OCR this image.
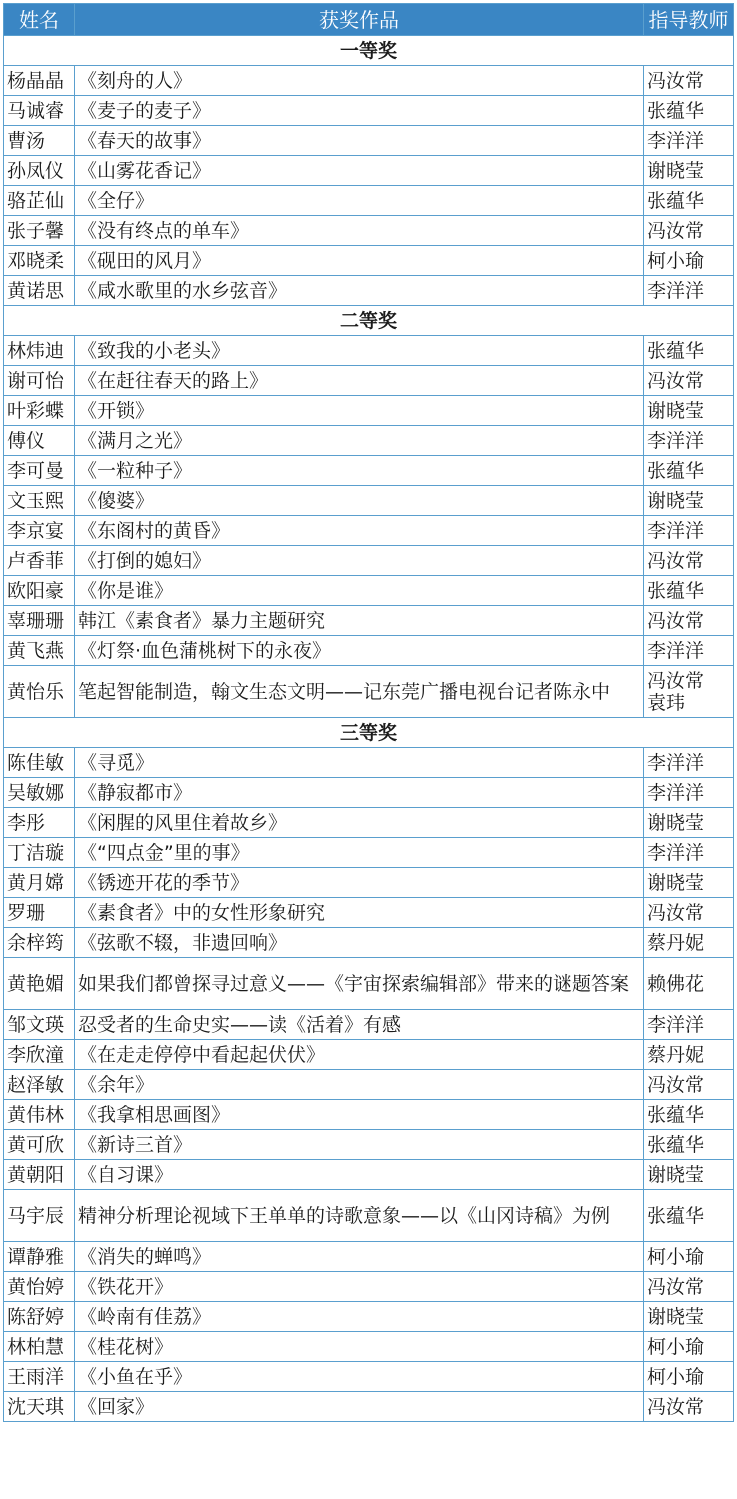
姓名	获奖作品	指导教师
一等奖		
杨晶晶	《刻舟的人》	冯汝常
马诚睿	《麦子的麦子》	张蕴华
曹汤	《春天的故事》	李洋洋
孙凤仪	《山雾花香记》	谢晓莹
骆芷仙	《全仔》	张蕴华
张子馨	《没有终点的单车》	冯汝常
邓晓柔	《砚田的风月》	柯小瑜
黄诺思	《咸水歌里的水乡弦音》	李洋洋
二等奖		
林炜迪	《致我的小老头》	张蕴华
谢可怡	《在赶往春天的路上》	冯汝常
叶彩蝶	《开锁》	谢晓莹
傅仪	《满月之光》	李洋洋
李可曼	《一粒种子》	张蕴华
文玉熙	《傻婆》	谢晓莹
李京宴	《东阁村的黄昏》	李洋洋
卢香菲	《打倒的媳妇》	冯汝常
欧阳豪	《你是谁》	张蕴华
辜珊珊	韩江《素食者》暴力主题研究	冯汝常
黄飞燕	《灯祭·血色蒲桃树下的永夜》	李洋洋
黄怡乐	笔起智能制造，翰文生态文明——记东莞广播电视台记者陈永中	冯汝常
袁玮
三等奖		
陈佳敏	《寻觅》	李洋洋
吴敏娜	《静寂都市》	李洋洋
李彤	《闲腥的风里住着故乡》	谢晓莹
丁洁璇	《“四点金”里的事》	李洋洋
黄月嫦	《锈迹开花的季节》	谢晓莹
罗珊	《素食者》中的女性形象研究	冯汝常
余梓筠	《弦歌不辍，非遗回响》	蔡丹妮
黄艳媚	如果我们都曾探寻过意义——《宇宙探索编辑部》带来的谜题答案	赖佛花
邹文瑛	忍受者的生命史实——读《活着》有感	李洋洋
李欣潼	《在走走停停中看起起伏伏》	蔡丹妮
赵泽敏	《余年》	冯汝常
黄伟林	《我拿相思画图》	张蕴华
黄可欣	《新诗三首》	张蕴华
黄朝阳	《自习课》	谢晓莹
马宇辰	精神分析理论视域下王单单的诗歌意象——以《山冈诗稿》为例	张蕴华
谭静雅	《消失的蝉鸣》	柯小瑜
黄怡婷	《铁花开》	冯汝常
陈舒婷	《岭南有佳荔》	谢晓莹
林柏慧	《桂花树》	柯小瑜
王雨洋	《小鱼在乎》	柯小瑜
沈天琪	《回家》	冯汝常
